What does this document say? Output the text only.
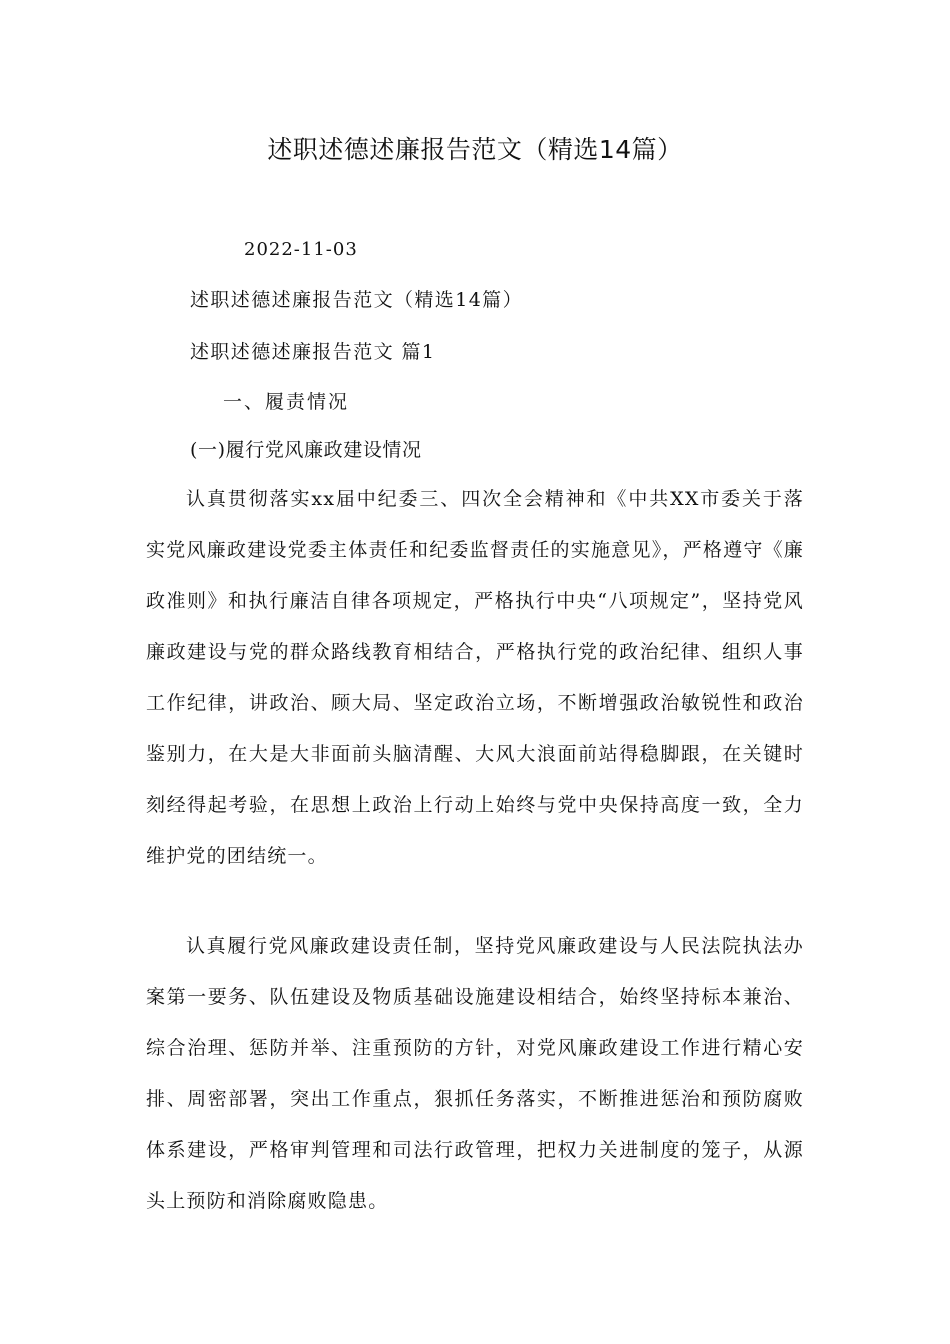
述职述德述廉报告范文（精选14篇）
2022-11-03
述职述德述廉报告范文（精选14篇）
述职述德述廉报告范文 篇1
一、履责情况
(一)履行党风廉政建设情况

认真贯彻落实xx届中纪委三、四次全会精神和《中共XX市委关于落实党风廉政建设党委主体责任和纪委监督责任的实施意见》，严格遵守《廉政准则》和执行廉洁自律各项规定，严格执行中央“八项规定”，坚持党风廉政建设与党的群众路线教育相结合，严格执行党的政治纪律、组织人事工作纪律，讲政治、顾大局、坚定政治立场，不断增强政治敏锐性和政治鉴别力，在大是大非面前头脑清醒、大风大浪面前站得稳脚跟，在关键时刻经得起考验，在思想上政治上行动上始终与党中央保持高度一致，全力维护党的团结统一。

认真履行党风廉政建设责任制，坚持党风廉政建设与人民法院执法办案第一要务、队伍建设及物质基础设施建设相结合，始终坚持标本兼治、综合治理、惩防并举、注重预防的方针，对党风廉政建设工作进行精心安排、周密部署，突出工作重点，狠抓任务落实，不断推进惩治和预防腐败体系建设，严格审判管理和司法行政管理，把权力关进制度的笼子，从源头上预防和消除腐败隐患。
